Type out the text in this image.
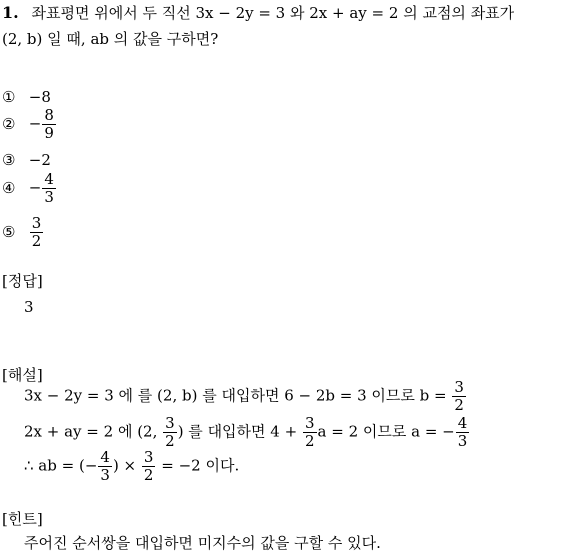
1. 좌표평면 위에서 두 직선 3x − 2y = 3 와 2x + ay = 2 의 교점의 좌표가
(2, b) 일 때, ab 의 값을 구하면?
① −8
② − $\frac{8}{9}$
③ −2
④ − $\frac{4}{3}$
⑤ $\frac{3}{2}$
[정답]
3
[해설]
3x − 2y = 3 에 를 (2, b) 를 대입하면 6 − 2b = 3 이므로 $b = \frac{3}{2}$
2x + ay = 2 에 (2, $\frac{3}{2}$ ) 를 대입하면 $4 + \frac{3}{2}$ a = 2 이므로 a = − $\frac{4}{3}$
∴ ab = (− $\frac{4}{3}$ ) × $\frac{3}{2} = -2$ 이다.
[힌트]
주어진 순서쌍을 대입하면 미지수의 값을 구할 수 있다.
